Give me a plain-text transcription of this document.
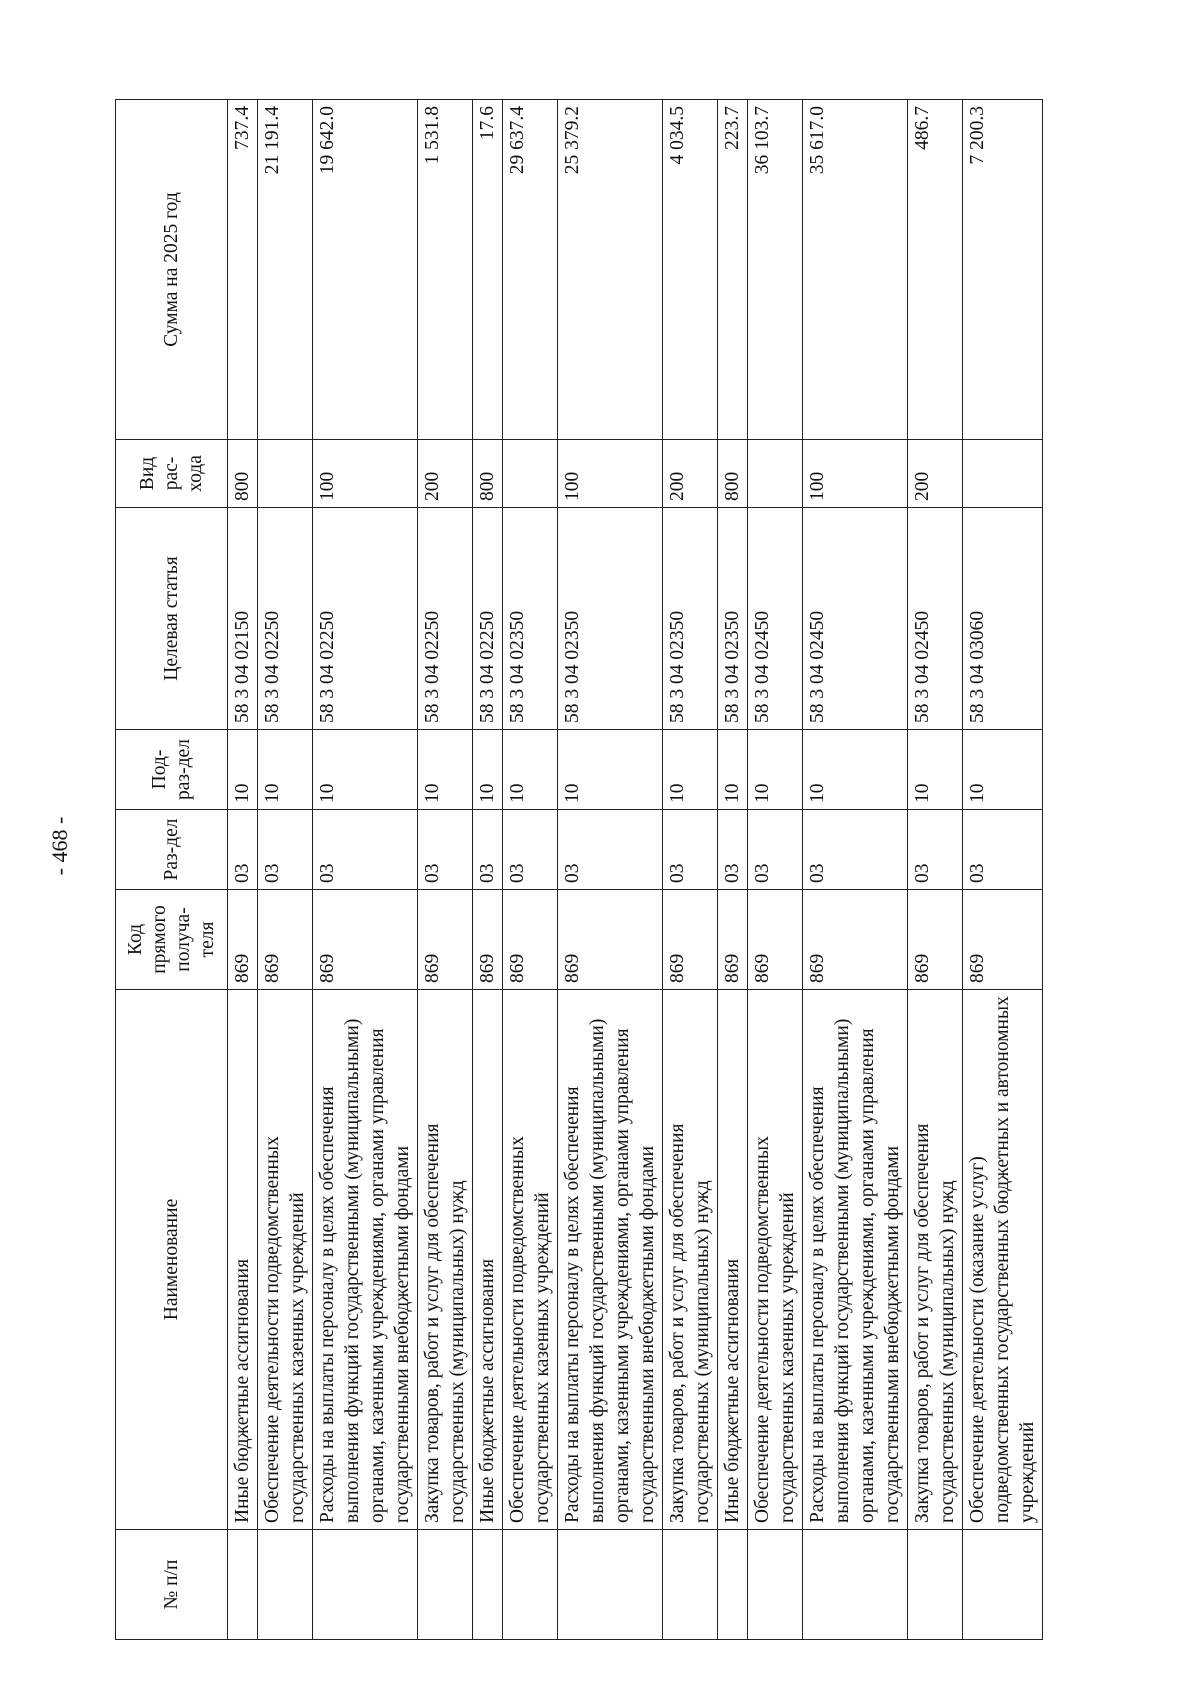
- 468 -
№ п/п	Наименование	Код прямого получа-теля	Раз-дел	Под-раз-дел	Целевая статья	Вид рас-хода	Сумма на 2025 год
	Иные бюджетные ассигнования	869	03	10	58 3 04 02150	800	737.4
	Обеспечение деятельности подведомственных государственных казенных учреждений	869	03	10	58 3 04 02250		21 191.4
	Расходы на выплаты персоналу в целях обеспечения выполнения функций государственными (муниципальными) органами, казенными учреждениями, органами управления государственными внебюджетными фондами	869	03	10	58 3 04 02250	100	19 642.0
	Закупка товаров, работ и услуг для обеспечения государственных (муниципальных) нужд	869	03	10	58 3 04 02250	200	1 531.8
	Иные бюджетные ассигнования	869	03	10	58 3 04 02250	800	17.6
	Обеспечение деятельности подведомственных государственных казенных учреждений	869	03	10	58 3 04 02350		29 637.4
	Расходы на выплаты персоналу в целях обеспечения выполнения функций государственными (муниципальными) органами, казенными учреждениями, органами управления государственными внебюджетными фондами	869	03	10	58 3 04 02350	100	25 379.2
	Закупка товаров, работ и услуг для обеспечения государственных (муниципальных) нужд	869	03	10	58 3 04 02350	200	4 034.5
	Иные бюджетные ассигнования	869	03	10	58 3 04 02350	800	223.7
	Обеспечение деятельности подведомственных государственных казенных учреждений	869	03	10	58 3 04 02450		36 103.7
	Расходы на выплаты персоналу в целях обеспечения выполнения функций государственными (муниципальными) органами, казенными учреждениями, органами управления государственными внебюджетными фондами	869	03	10	58 3 04 02450	100	35 617.0
	Закупка товаров, работ и услуг для обеспечения государственных (муниципальных) нужд	869	03	10	58 3 04 02450	200	486.7
	Обеспечение деятельности (оказание услуг) подведомственных государственных бюджетных и автономных учреждений	869	03	10	58 3 04 03060		7 200.3
